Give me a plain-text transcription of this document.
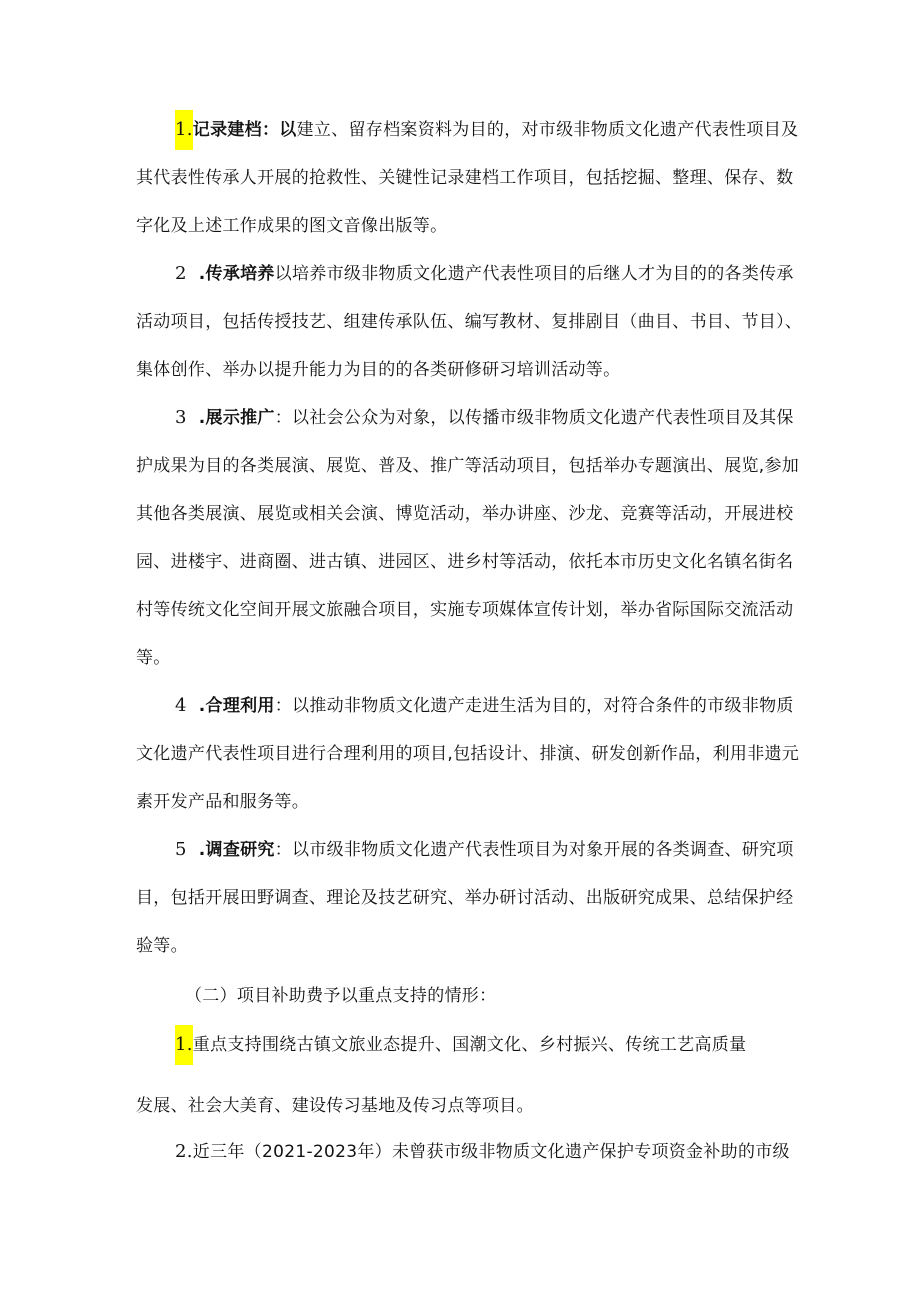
1.记录建档：以建立、留存档案资料为目的，对市级非物质文化遗产代表性项目及
其代表性传承人开展的抢救性、关键性记录建档工作项目，包括挖掘、整理、保存、数
字化及上述工作成果的图文音像出版等。
2 .传承培养以培养市级非物质文化遗产代表性项目的后继人才为目的的各类传承
活动项目，包括传授技艺、组建传承队伍、编写教材、复排剧目（曲目、书目、节目）、
集体创作、举办以提升能力为目的的各类研修研习培训活动等。
3 .展示推广：以社会公众为对象，以传播市级非物质文化遗产代表性项目及其保
护成果为目的各类展演、展览、普及、推广等活动项目，包括举办专题演出、展览,参加
其他各类展演、展览或相关会演、博览活动，举办讲座、沙龙、竞赛等活动，开展进校
园、进楼宇、进商圈、进古镇、进园区、进乡村等活动，依托本市历史文化名镇名街名
村等传统文化空间开展文旅融合项目，实施专项媒体宣传计划，举办省际国际交流活动
等。
4 .合理利用：以推动非物质文化遗产走进生活为目的，对符合条件的市级非物质
文化遗产代表性项目进行合理利用的项目,包括设计、排演、研发创新作品，利用非遗元
素开发产品和服务等。
5 .调查研究：以市级非物质文化遗产代表性项目为对象开展的各类调查、研究项
目，包括开展田野调查、理论及技艺研究、举办研讨活动、出版研究成果、总结保护经
验等。
（二）项目补助费予以重点支持的情形：
1.重点支持围绕古镇文旅业态提升、国潮文化、乡村振兴、传统工艺高质量
发展、社会大美育、建设传习基地及传习点等项目。
2.近三年（2021-2023年）未曾获市级非物质文化遗产保护专项资金补助的市级
